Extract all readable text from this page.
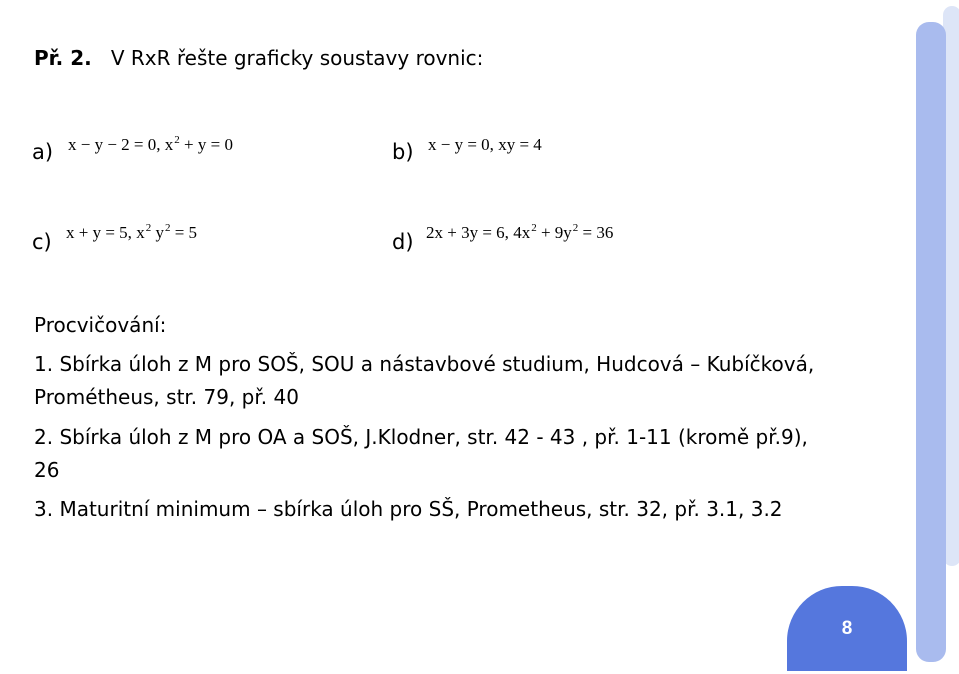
Př. 2. V RxR řešte graficky soustavy rovnic:
a) x − y − 2 = 0, $x^2 + y = 0$	b) x − y = 0, xy = 4
c) x + y = 5, $x^2$ $y^2 = 5$	d) 2x + 3y = 6, $4x^2 + 9y^2 = 36$
Procvičování:
1. Sbírka úloh z M pro SOŠ, SOU a nástavbové studium, Hudcová – Kubíčková,
Prométheus, str. 79, př. 40
2. Sbírka úloh z M pro OA a SOŠ, J.Klodner, str. 42 - 43 , př. 1-11 (kromě př.9),
26
3. Maturitní minimum – sbírka úloh pro SŠ, Prometheus, str. 32, př. 3.1, 3.2
8
